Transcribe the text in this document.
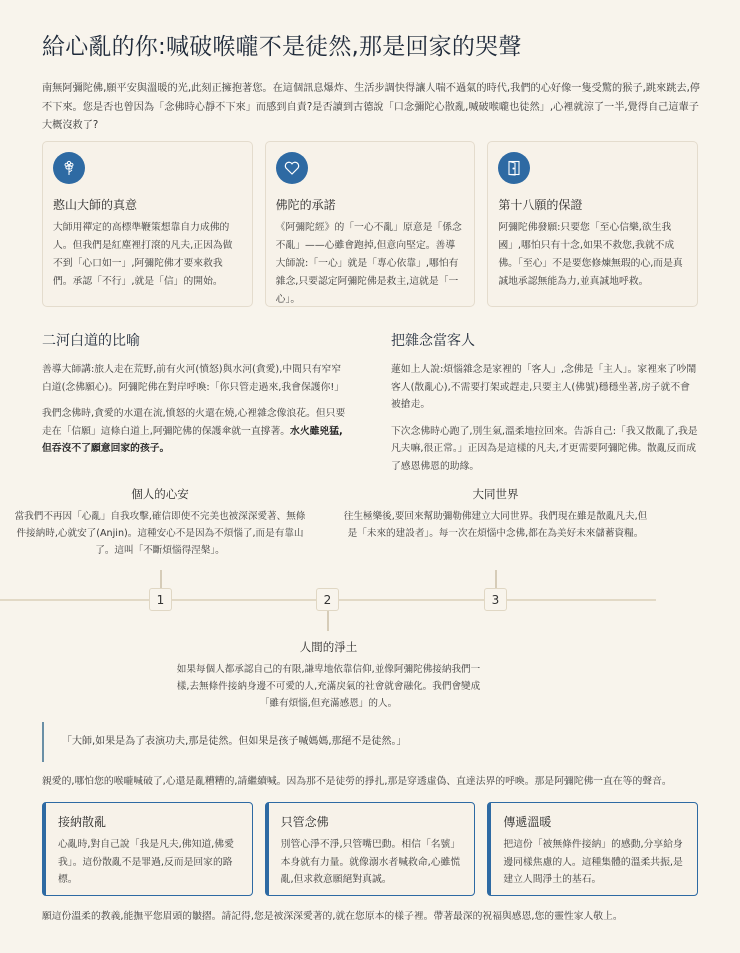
給心亂的你:喊破喉嚨不是徒然,那是回家的哭聲

南無阿彌陀佛,願平安與溫暖的光,此刻正擁抱著您。在這個訊息爆炸、生活步調快得讓人喘不過氣的時代,我們的心好像一隻受驚的猴子,跳來跳去,停不下來。您是否也曾因為「念佛時心靜不下來」而感到自責?是否讀到古德說「口念彌陀心散亂,喊破喉嚨也徒然」,心裡就涼了一半,覺得自己這輩子大概沒救了?

憨山大師的真意

大師用禪定的高標準鞭策想靠自力成佛的人。但我們是紅塵裡打滾的凡夫,正因為做不到「心口如一」,阿彌陀佛才要來救我們。承認「不行」,就是「信」的開始。

佛陀的承諾

《阿彌陀經》的「一心不亂」原意是「係念不亂」——心雖會跑掉,但意向堅定。善導大師說:「一心」就是「專心依靠」,哪怕有雜念,只要認定阿彌陀佛是救主,這就是「一心」。

第十八願的保證

阿彌陀佛發願:只要您「至心信樂,欲生我國」,哪怕只有十念,如果不救您,我就不成佛。「至心」不是要您修煉無瑕的心,而是真誠地承認無能為力,並真誠地呼救。

二河白道的比喻

善導大師講:旅人走在荒野,前有火河(憤怒)與水河(貪愛),中間只有窄窄白道(念佛願心)。阿彌陀佛在對岸呼喚:「你只管走過來,我會保護你!」

我們念佛時,貪愛的水還在流,憤怒的火還在燒,心裡雜念像浪花。但只要走在「信願」這條白道上,阿彌陀佛的保護傘就一直撐著。水火雖兇猛,但吞沒不了願意回家的孩子。

把雜念當客人

蓮如上人說:煩惱雜念是家裡的「客人」,念佛是「主人」。家裡來了吵鬧客人(散亂心),不需要打架或趕走,只要主人(佛號)穩穩坐著,房子就不會被搶走。

下次念佛時心跑了,別生氣,溫柔地拉回來。告訴自己:「我又散亂了,我是凡夫嘛,很正常。」正因為是這樣的凡夫,才更需要阿彌陀佛。散亂反而成了感恩佛恩的助緣。

「大師,如果是為了表演功夫,那是徒然。但如果是孩子喊媽媽,那絕不是徒然。」

親愛的,哪怕您的喉嚨喊破了,心還是亂糟糟的,請繼續喊。因為那不是徒勞的掙扎,那是穿透虛偽、直達法界的呼喚。那是阿彌陀佛一直在等的聲音。

接納散亂

心亂時,對自己說「我是凡夫,佛知道,佛愛我」。這份散亂不是罪過,反而是回家的路標。

只管念佛

別管心淨不淨,只管嘴巴動。相信「名號」本身就有力量。就像溺水者喊救命,心雖慌亂,但求救意願絕對真誠。

傳遞溫暖

把這份「被無條件接納」的感動,分享給身邊同樣焦慮的人。這種集體的溫柔共振,是建立人間淨土的基石。

願這份溫柔的教義,能撫平您眉頭的皺摺。請記得,您是被深深愛著的,就在您原本的樣子裡。帶著最深的祝福與感恩,您的靈性家人敬上。

個人的心安

當我們不再因「心亂」自我攻擊,確信即使不完美也被深深愛著、無條件接納時,心就安了(Anjin)。這種安心不是因為不煩惱了,而是有靠山了。這叫「不斷煩惱得涅槃」。

大同世界

往生極樂後,要回來幫助彌勒佛建立大同世界。我們現在雖是散亂凡夫,但是「未來的建設者」。每一次在煩惱中念佛,都在為美好未來儲蓄資糧。

1	2	3
人間的淨土

如果每個人都承認自己的有限,謙卑地依靠信仰,並像阿彌陀佛接納我們一樣,去無條件接納身邊不可愛的人,充滿戾氣的社會就會融化。我們會變成「雖有煩惱,但充滿感恩」的人。
